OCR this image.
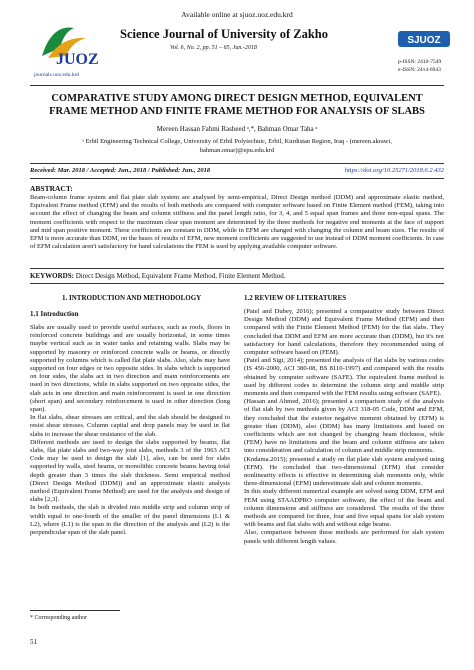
Available online at sjuoz.uoz.edu.krd
JUOZ
journals.uoz.edu.krd
Science Journal of University of Zakho
Vol. 6, No. 2, pp. 51 – 65, Jun.-2018
SJUOZ
p-ISSN: 2410-7549
e-ISSN: 2414-6943
COMPARATIVE STUDY AMONG DIRECT DESIGN METHOD, EQUIVALENT FRAME METHOD AND FINITE FRAME METHOD FOR ANALYSIS OF SLABS
Mereen Hassan Fahmi Rasheed ᵃ,*, Bahman Omar Taha ᵃ
ᵃ Erbil Engineering Technical College, University of Erbil Polytechnic, Erbil, Kurdistan Region, Iraq - (mereen.akrawi, bahman.omar)@epu.edu.krd
Received: Mar. 2018 / Accepted: Jun., 2018 / Published: Jun., 2018	https://doi.org/10.25271/2018.6.2.432
ABSTRACT:
Beam-column frame system and flat plate slab system are analysed by semi-empirical, Direct Design method (DDM) and approximate elastic method, Equivalent Frame method (EFM) and the results of both methods are compared with computer software based on Finite Element method (FEM), taking into account the effect of changing the beam and column stiffness and the panel length ratio, for 3, 4, and 5 equal span frames and three non-equal spans. The moment coefficients with respect to the maximum clear span moment are determined by the three methods for negative end moments at the face of support and mid span positive moment. These coefficients are constant in DDM, while in EFM are changed with changing the column and beam sizes. The results of EFM is more accurate than DDM, on the bases of results of EFM, new moment coefficients are suggested to use instead of DDM moment coefficients. In case of EFM calculation aren't satisfactory for hand calculations the FEM is used by applying available computer software.
KEYWORDS: Direct Design Method, Equivalent Frame Method, Finite Element Method.
1. INTRODUCTION AND METHODOLOGY
1.1 Introduction

Slabs are usually used to provide useful surfaces, such as roofs, floors in reinforced concrete buildings and are usually horizontal, in some times maybe vertical such as in water tanks and retaining walls. Slabs may be supported by masonry or reinforced concrete walls or beams, or directly supported by columns which is called flat plate slabs. Also, slabs may have supported on four edges or two opposite sides. In slabs which is supported on four sides, the slabs act in two direction and main reinforcements are used in two directions, while in slabs supported on two opposite sides, the slab acts in one direction and main reinforcement is used in one direction (short span) and secondary reinforcement is used in other direction (long span).

In flat slabs, shear stresses are critical, and the slab should be designed to resist shear stresses. Column capital and drop panels may be used in flat slabs to increase the shear resistance of the slab.

Different methods are used to design the slabs supported by beams, flat slabs, flat plate slabs and two-way joist slabs, methods 3 of the 1963 ACI Code may be used to design the slab [1], also, can be used for slabs supported by walls, steel beams, or monolithic concrete beams having total depth greater than 3 times the slab thickness. Semi empirical method (Direct Design Method (DDM)) and an approximate elastic analysis method (Equivalent Frame Method) are used for the analysis and design of slabs [2,3].

In both methods, the slab is divided into middle strip and column strip of width equal to one-fourth of the smaller of the panel dimensions (L1 & L2), where (L1) is the span in the direction of the analysis and (L2) is the perpendicular span of the slab panel.

1.2 REVIEW OF LITERATURES

(Patel and Dubey, 2016); presented a comparative study between Direct Design Method (DDM) and Equivalent Frame Method (EFM) and then compared with the Finite Element Method (FEM) for the flat slabs. They concluded that DDM and EFM are more accurate than (DDM), but it's not satisfactory for hand calculations, therefore they recommended using of computer software based on (FEM).

(Patel and Sigi, 2014); presented the analysis of flat slabs by various codes (IS 456-2000, ACI 380-08, BS 8110-1997) and compared with the results obtained by computer software (SAFE). The equivalent frame method is used by different codes to determine the column strip and middle strip moments and then compared with the FEM results using software (SAFE).

(Hassan and Ahmed, 2016); presented a comparison study of the analysis of flat slab by two methods given by ACI 318-05 Code, DDM and EFM, they concluded that the exterior negative moment obtained by (EFM) is greater than (DDM), also (DDM) has many limitations and based on coefficients which are not changed by changing beam thickness, while (FEM) have no limitations and the beam and column stiffness are taken into consideration and calculation of column and middle strip moments.

(Kndama.2015); presented a study on flat plate slab system analysed using (EFM). He concluded that two-dimensional (EFM) that consider nonlinearity effects is effective in determining slab moments only, while three-dimensional (EFM) underestimate slab and column moments.

In this study different numerical example are solved using DDM, EFM and FEM using STAADPRO computer software, the effect of the beam and column dimensions and stiffness are considered. The results of the three methods are compared for three, four and five equal spans for slab system with beams and flat slabs with and without edge beams.

Also, comparison between these methods are performed for slab system panels with different length values.

* Corresponding author
51
